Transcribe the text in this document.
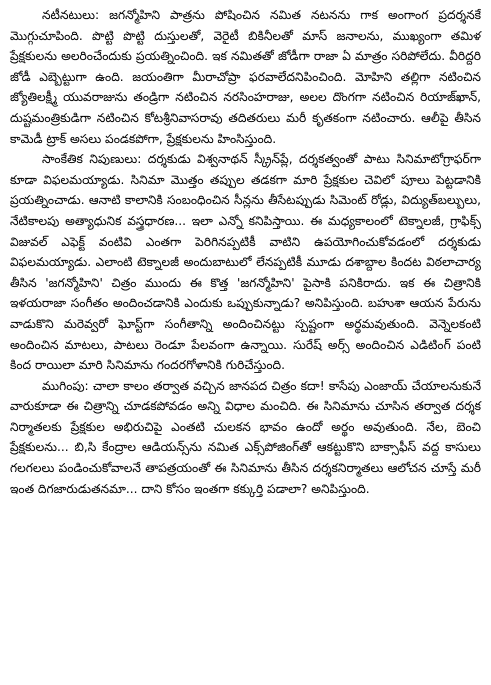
నటీనటులు: జగన్మోహిని పాత్రను పోషించిన నమిత నటనను గాక అంగాంగ ప్రదర్శనకే మొగ్గుచూపింది. పొట్టి పొట్టి దుస్తులతో, వెరైటీ బికినీలతో మాస్ జనాలను, ముఖ్యంగా తమిళ ప్రేక్షకులను అలరించేందుకు ప్రయత్నించింది. ఇక నమితతో జోడీగా రాజా ఏ మాత్రం సరిపోలేదు. వీరిద్దరి జోడీ ఎబ్బెట్టుగా ఉంది. జయంతిగా మీరాచోప్రా ఫరవాలేదనిపించింది. మోహిని తల్లిగా నటించిన జ్యోతిలక్ష్మీ యువరాజును తండ్రిగా నటించిన నరసింహరాజు, అలల దొంగగా నటించిన రియాజ్‌ఖాన్, దుష్టమంత్రికుడిగా నటించిన కోటశ్రీనివాసరావు తదితరులు మరీ కృతకంగా నటించారు. ఆలీపై తీసిన కామెడీ ట్రాక్ అసలు పండకపోగా, ప్రేక్షకులను హింసిస్తుంది.

సాంకేతిక నిపుణులు: దర్శకుడు విశ్వనాథన్ స్క్రీన్‌ప్లే, దర్శకత్వంతో పాటు సినిమాటోగ్రాఫర్‌గా కూడా విఫలమయ్యాడు. సినిమా మొత్తం తప్పుల తడకగా మారి ప్రేక్షకుల చెవిలో పూలు పెట్టడానికి ప్రయత్నించాడు. ఆనాటి కాలానికి సంబంధించిన సీన్లను తీసేటప్పుడు సిమెంట్ రోడ్లు, విద్యుత్‌బల్బులు, నేటికాలపు అత్యాధునిక వస్త్రధారణ... ఇలా ఎన్నో కనిపిస్తాయి. ఈ మధ్యకాలంలో టెక్నాలజీ, గ్రాఫిక్స్ విజువల్ ఎఫెక్ట్ వంటివి ఎంతగా పెరిగినప్పటికీ వాటిని ఉపయోగించుకోవడంలో దర్శకుడు విఫలమయ్యాడు. ఎలాంటి టెక్నాలజీ అందుబాటులో లేనప్పటికీ మూడు దశాబ్దాల కిందట విఠలాచార్య తీసిన 'జగన్మోహిని' చిత్రం ముందు ఈ కొత్త 'జగన్మోహిని' పైసాకి పనికిరాదు. ఇక ఈ చిత్రానికి ఇళయరాజా సంగీతం అందించడానికి ఎందుకు ఒప్పుకున్నాడు? అనిపిస్తుంది. బహుశా ఆయన పేరును వాడుకొని మరెవ్వరో ఘోస్ట్‌గా సంగీతాన్ని అందించినట్టు స్పష్టంగా అర్థమవుతుంది. వెన్నెలకంటి అందించిన మాటలు, పాటలు రెండూ పేలవంగా ఉన్నాయి. సురేష్ అర్స్ అందించిన ఎడిటింగ్ పంటి కింద రాయిలా మారి సినిమాను గందరగోళానికి గురిచేస్తుంది.

ముగింపు: చాలా కాలం తర్వాత వచ్చిన జానపద చిత్రం కదా! కాసేపు ఎంజాయ్ చేయాలనుకునే వారుకూడా ఈ చిత్రాన్ని చూడకపోవడం అన్ని విధాల మంచిది. ఈ సినిమాను చూసిన తర్వాత దర్శక నిర్మాతలకు ప్రేక్షకుల అభిరుచిపై ఎంతటి చులకన భావం ఉందో అర్థం అవుతుంది. నేల, బెంచి ప్రేక్షకులను... బి,సి కేంద్రాల ఆడియన్స్‌ను నమిత ఎక్స్‌పోజింగ్‌తో ఆకట్టుకొని బాక్సాఫీస్ వద్ద కాసులు గలగలలు పండించుకోవాలనే తాపత్రయంతో ఈ సినిమాను తీసిన దర్శకనిర్మాతలు ఆలోచన చూస్తే మరీ ఇంత దిగజారుడుతనమా... దాని కోసం ఇంతగా కక్కుర్తి పడాలా? అనిపిస్తుంది.
